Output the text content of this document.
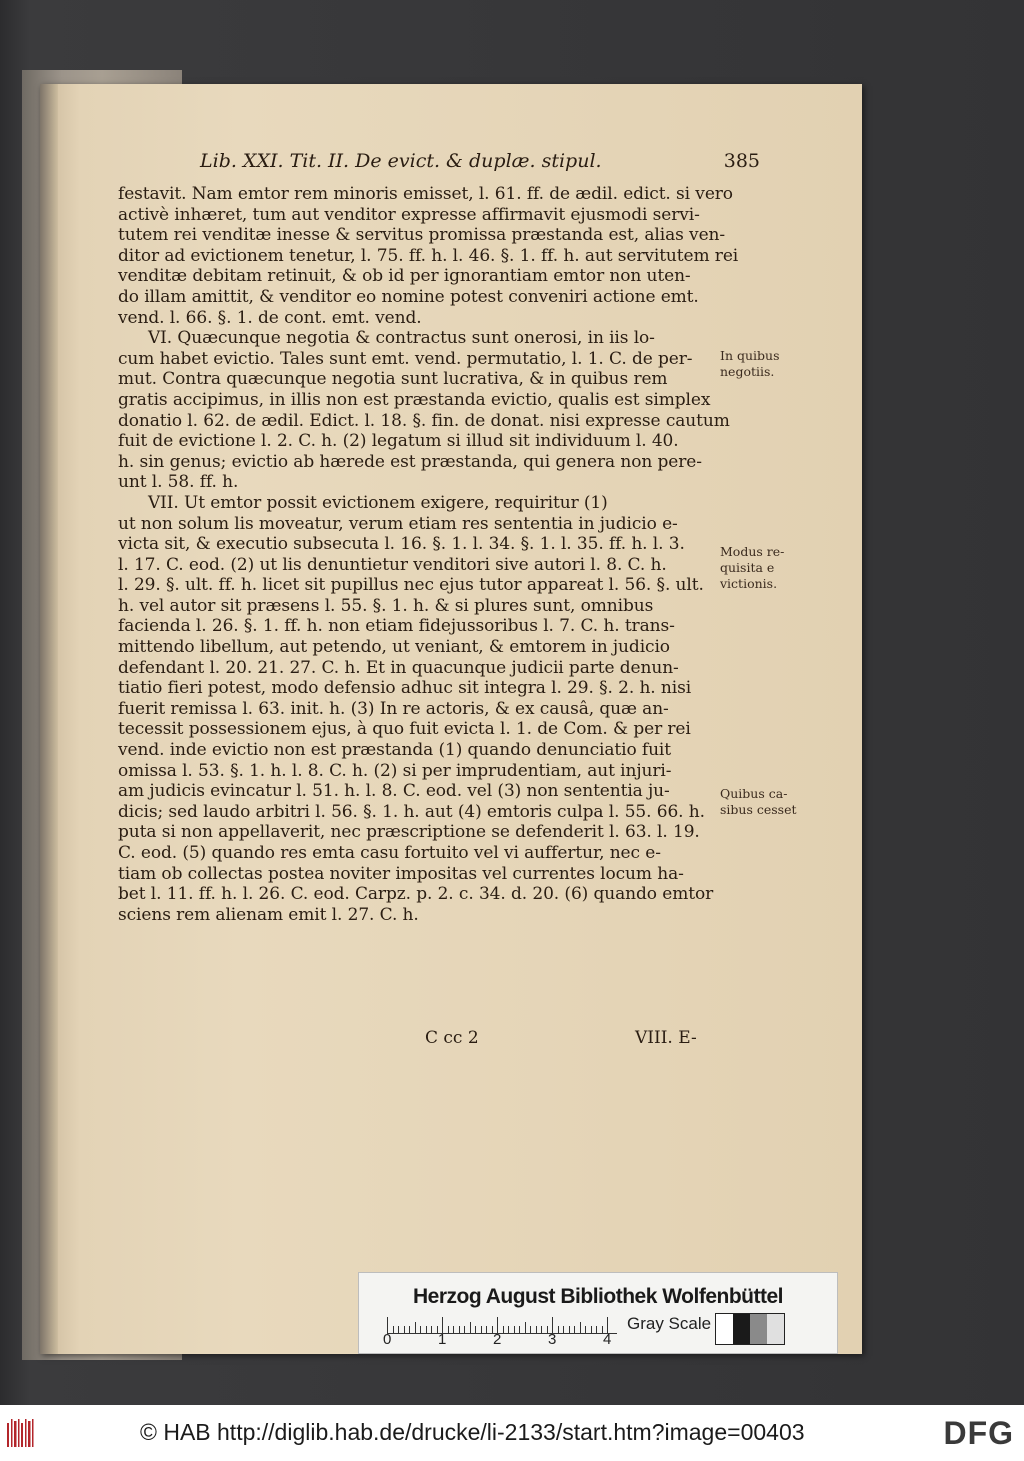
Lib. XXI. Tit. II. De evict. & duplæ. stipul.	385
festavit. Nam emtor rem minoris emisset, l. 61. ff. de ædil. edict. si vero
activè inhæret, tum aut venditor expresse affirmavit ejusmodi servi-
tutem rei venditæ inesse & servitus promissa præstanda est, alias ven-
ditor ad evictionem tenetur, l. 75. ff. h. l. 46. §. 1. ff. h. aut servitutem rei
venditæ debitam retinuit, & ob id per ignorantiam emtor non uten-
do illam amittit, & venditor eo nomine potest conveniri actione emt.
vend. l. 66. §. 1. de cont. emt. vend.
VI. Quæcunque negotia & contractus sunt onerosi, in iis lo-
cum habet evictio. Tales sunt emt. vend. permutatio, l. 1. C. de per-
mut. Contra quæcunque negotia sunt lucrativa, & in quibus rem
gratis accipimus, in illis non est præstanda evictio, qualis est simplex
donatio l. 62. de ædil. Edict. l. 18. §. fin. de donat. nisi expresse cautum
fuit de evictione l. 2. C. h. (2) legatum si illud sit individuum l. 40.
h. sin genus; evictio ab hærede est præstanda, qui genera non pere-
unt l. 58. ff. h.
VII. Ut emtor possit evictionem exigere, requiritur (1)
ut non solum lis moveatur, verum etiam res sententia in judicio e-
victa sit, & executio subsecuta l. 16. §. 1. l. 34. §. 1. l. 35. ff. h. l. 3.
l. 17. C. eod. (2) ut lis denuntietur venditori sive autori l. 8. C. h.
l. 29. §. ult. ff. h. licet sit pupillus nec ejus tutor appareat l. 56. §. ult.
h. vel autor sit præsens l. 55. §. 1. h. & si plures sunt, omnibus
facienda l. 26. §. 1. ff. h. non etiam fidejussoribus l. 7. C. h. trans-
mittendo libellum, aut petendo, ut veniant, & emtorem in judicio
defendant l. 20. 21. 27. C. h. Et in quacunque judicii parte denun-
tiatio fieri potest, modo defensio adhuc sit integra l. 29. §. 2. h. nisi
fuerit remissa l. 63. init. h. (3) In re actoris, & ex causâ, quæ an-
tecessit possessionem ejus, à quo fuit evicta l. 1. de Com. & per rei
vend. inde evictio non est præstanda (1) quando denunciatio fuit
omissa l. 53. §. 1. h. l. 8. C. h. (2) si per imprudentiam, aut injuri-
am judicis evincatur l. 51. h. l. 8. C. eod. vel (3) non sententia ju-
dicis; sed laudo arbitri l. 56. §. 1. h. aut (4) emtoris culpa l. 55. 66. h.
puta si non appellaverit, nec præscriptione se defenderit l. 63. l. 19.
C. eod. (5) quando res emta casu fortuito vel vi auffertur, nec e-
tiam ob collectas postea noviter impositas vel currentes locum ha-
bet l. 11. ff. h. l. 26. C. eod. Carpz. p. 2. c. 34. d. 20. (6) quando emtor
sciens rem alienam emit l. 27. C. h.
In quibus
negotiis.
Modus re-
quisita e
victionis.
Quibus ca-
sibus cesset
C cc 2	VIII. E-
Herzog August Bibliothek Wolfenbüttel
0	1	2	3	4
Gray Scale
© HAB http://diglib.hab.de/drucke/li-2133/start.htm?image=00403	DFG
